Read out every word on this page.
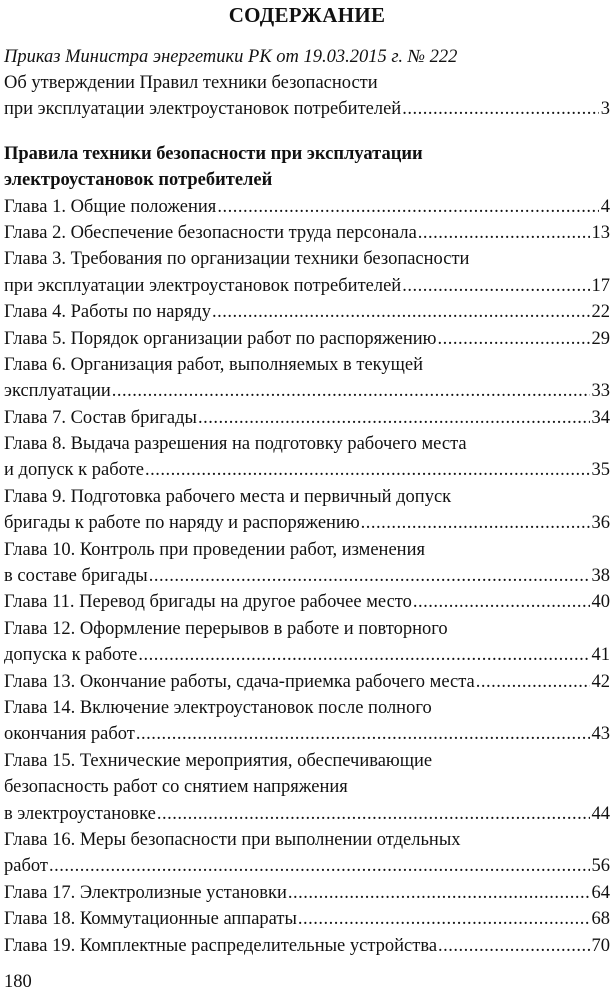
СОДЕРЖАНИЕ
Приказ Министра энергетики РК от 19.03.2015 г. № 222
Об утверждении Правил техники безопасности
при эксплуатации электроустановок потребителей .....	3
Правила техники безопасности при эксплуатации
электроустановок потребителей
Глава 1. Общие положения .....	4
Глава 2. Обеспечение безопасности труда персонала .....	13
Глава 3. Требования по организации техники безопасности
при эксплуатации электроустановок потребителей .....	17
Глава 4. Работы по наряду .....	22
Глава 5. Порядок организации работ по распоряжению .....	29
Глава 6. Организация работ, выполняемых в текущей
эксплуатации .....	33
Глава 7. Состав бригады .....	34
Глава 8. Выдача разрешения на подготовку рабочего места
и допуск к работе .....	35
Глава 9. Подготовка рабочего места и первичный допуск
бригады к работе по наряду и распоряжению .....	36
Глава 10. Контроль при проведении работ, изменения
в составе бригады .....	38
Глава 11. Перевод бригады на другое рабочее место .....	40
Глава 12. Оформление перерывов в работе и повторного
допуска к работе .....	41
Глава 13. Окончание работы, сдача-приемка рабочего места .....	42
Глава 14. Включение электроустановок после полного
окончания работ .....	43
Глава 15. Технические мероприятия, обеспечивающие
безопасность работ со снятием напряжения
в электроустановке .....	44
Глава 16. Меры безопасности при выполнении отдельных
работ .....	56
Глава 17. Электролизные установки .....	64
Глава 18. Коммутационные аппараты .....	68
Глава 19. Комплектные распределительные устройства .....	70
180
